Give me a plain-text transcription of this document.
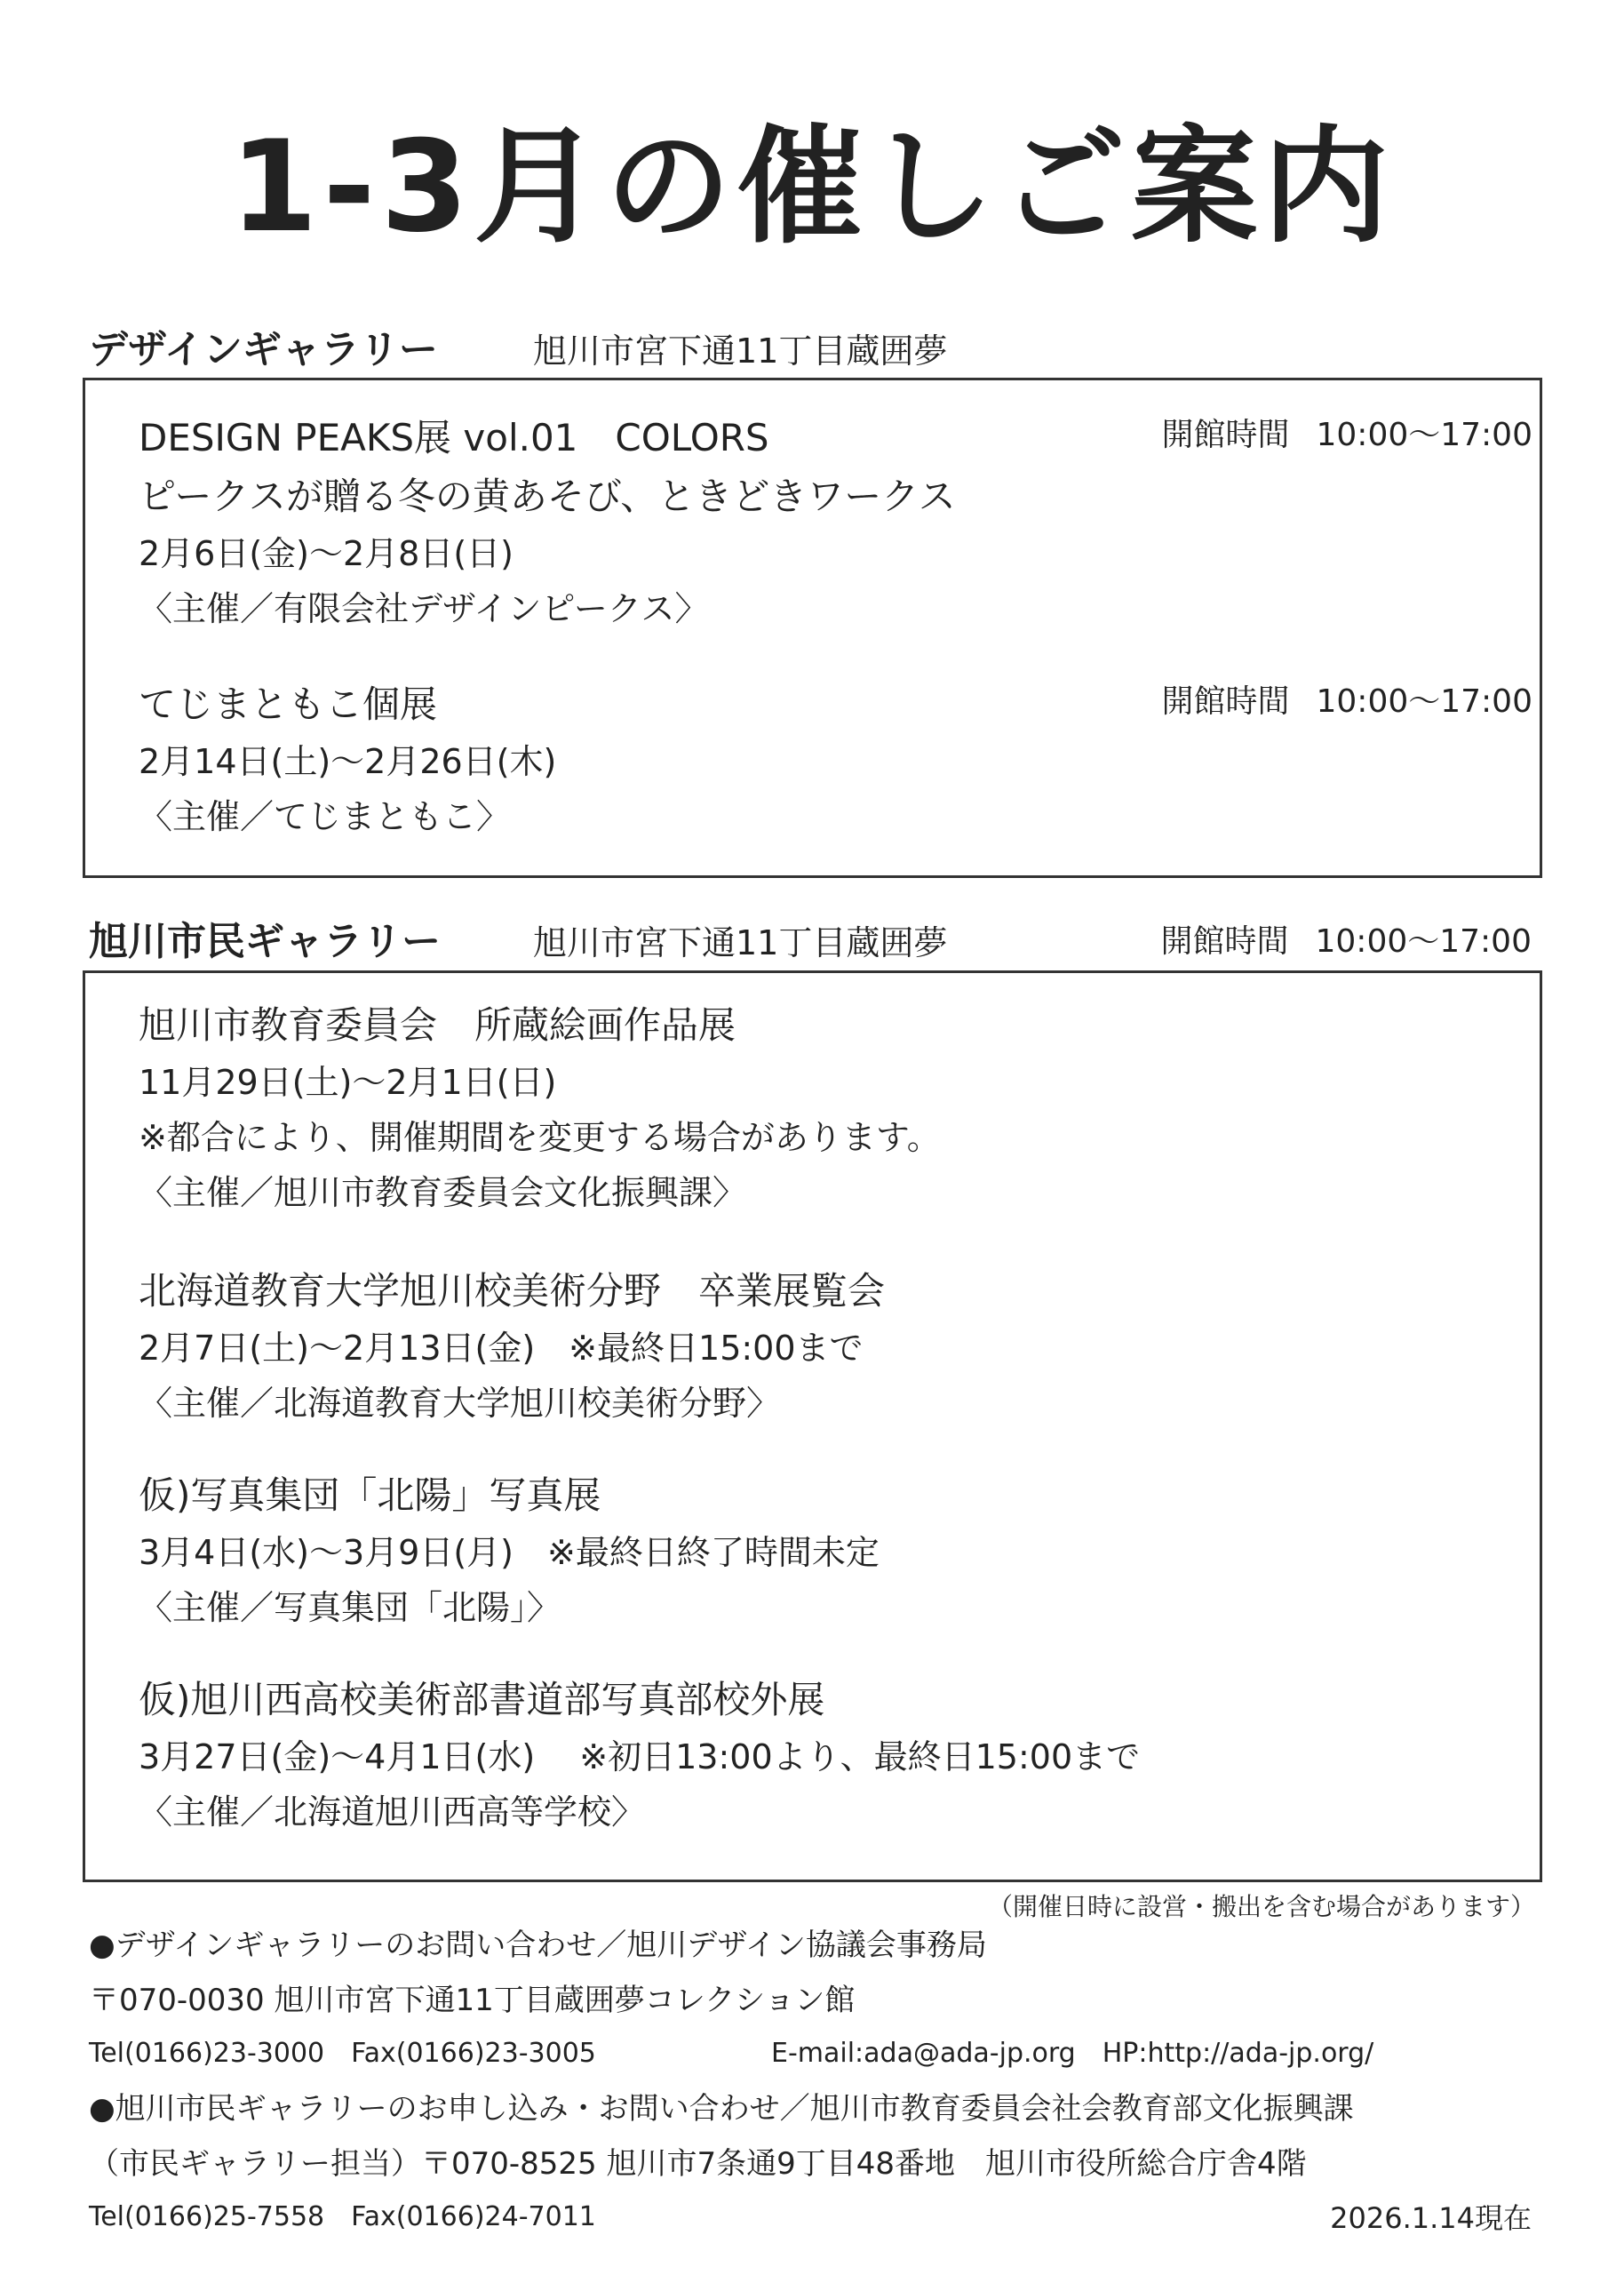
1-3月の催しご案内
デザインギャラリー	旭川市宮下通11丁目蔵囲夢
DESIGN PEAKS展 vol.01　COLORS	開館時間 10:00～17:00
ピークスが贈る冬の黄あそび、ときどきワークス
2月6日(金)～2月8日(日)
〈主催／有限会社デザインピークス〉
てじまともこ個展	開館時間 10:00～17:00
2月14日(土)～2月26日(木)
〈主催／てじまともこ〉
旭川市民ギャラリー	旭川市宮下通11丁目蔵囲夢	開館時間 10:00～17:00
旭川市教育委員会　所蔵絵画作品展
11月29日(土)～2月1日(日)
※都合により、開催期間を変更する場合があります。
〈主催／旭川市教育委員会文化振興課〉
北海道教育大学旭川校美術分野　卒業展覧会
2月7日(土)～2月13日(金)　※最終日15:00まで
〈主催／北海道教育大学旭川校美術分野〉
仮)写真集団「北陽」写真展
3月4日(水)～3月9日(月)　※最終日終了時間未定
〈主催／写真集団「北陽」〉
仮)旭川西高校美術部書道部写真部校外展
3月27日(金)～4月1日(水)　 ※初日13:00より、最終日15:00まで
〈主催／北海道旭川西高等学校〉
（開催日時に設営・搬出を含む場合があります）
●デザインギャラリーのお問い合わせ／旭川デザイン協議会事務局
〒070-0030 旭川市宮下通11丁目蔵囲夢コレクション館
Tel(0166)23-3000　Fax(0166)23-3005	E-mail:ada@ada-jp.org　HP:http://ada-jp.org/
●旭川市民ギャラリーのお申し込み・お問い合わせ／旭川市教育委員会社会教育部文化振興課
（市民ギャラリー担当）〒070-8525 旭川市7条通9丁目48番地　旭川市役所総合庁舎4階
Tel(0166)25-7558　Fax(0166)24-7011	2026.1.14現在
